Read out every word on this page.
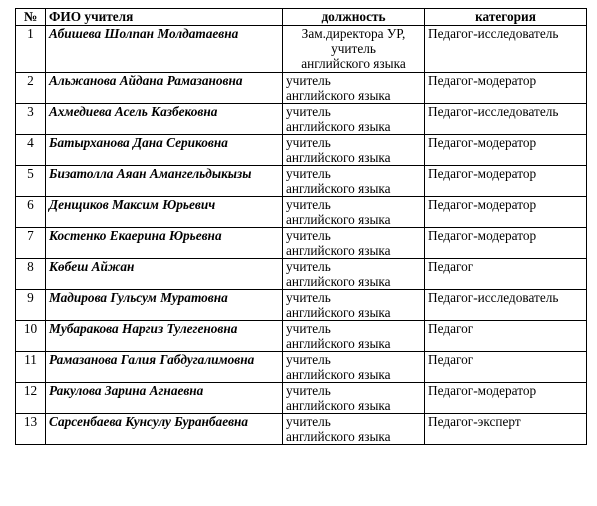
№	ФИО учителя	должность	категория
1	Абишева Шолпан Молдатаевна	Зам.директора УР,
учитель
английского языка	Педагог-исследователь
2	Альжанова Айдана Рамазановна	учитель
английского языка	Педагог-модератор
3	Ахмедиева Асель Казбековна	учитель
английского языка	Педагог-исследователь
4	Батырханова Дана Сериковна	учитель
английского языка	Педагог-модератор
5	Бизатолла Аяан Амангельдыкызы	учитель
английского языка	Педагог-модератор
6	Денщиков Максим Юрьевич	учитель
английского языка	Педагог-модератор
7	Костенко Екаерина Юрьевна	учитель
английского языка	Педагог-модератор
8	Көбеш Айжан	учитель
английского языка	Педагог
9	Мадирова Гульсум Муратовна	учитель
английского языка	Педагог-исследователь
10	Мубаракова Наргиз Тулегеновна	учитель
английского языка	Педагог
11	Рамазанова Галия Габдугалимовна	учитель
английского языка	Педагог
12	Ракулова Зарина Агнаевна	учитель
английского языка	Педагог-модератор
13	Сарсенбаева Кунсулу Буранбаевна	учитель
английского языка	Педагог-эксперт
